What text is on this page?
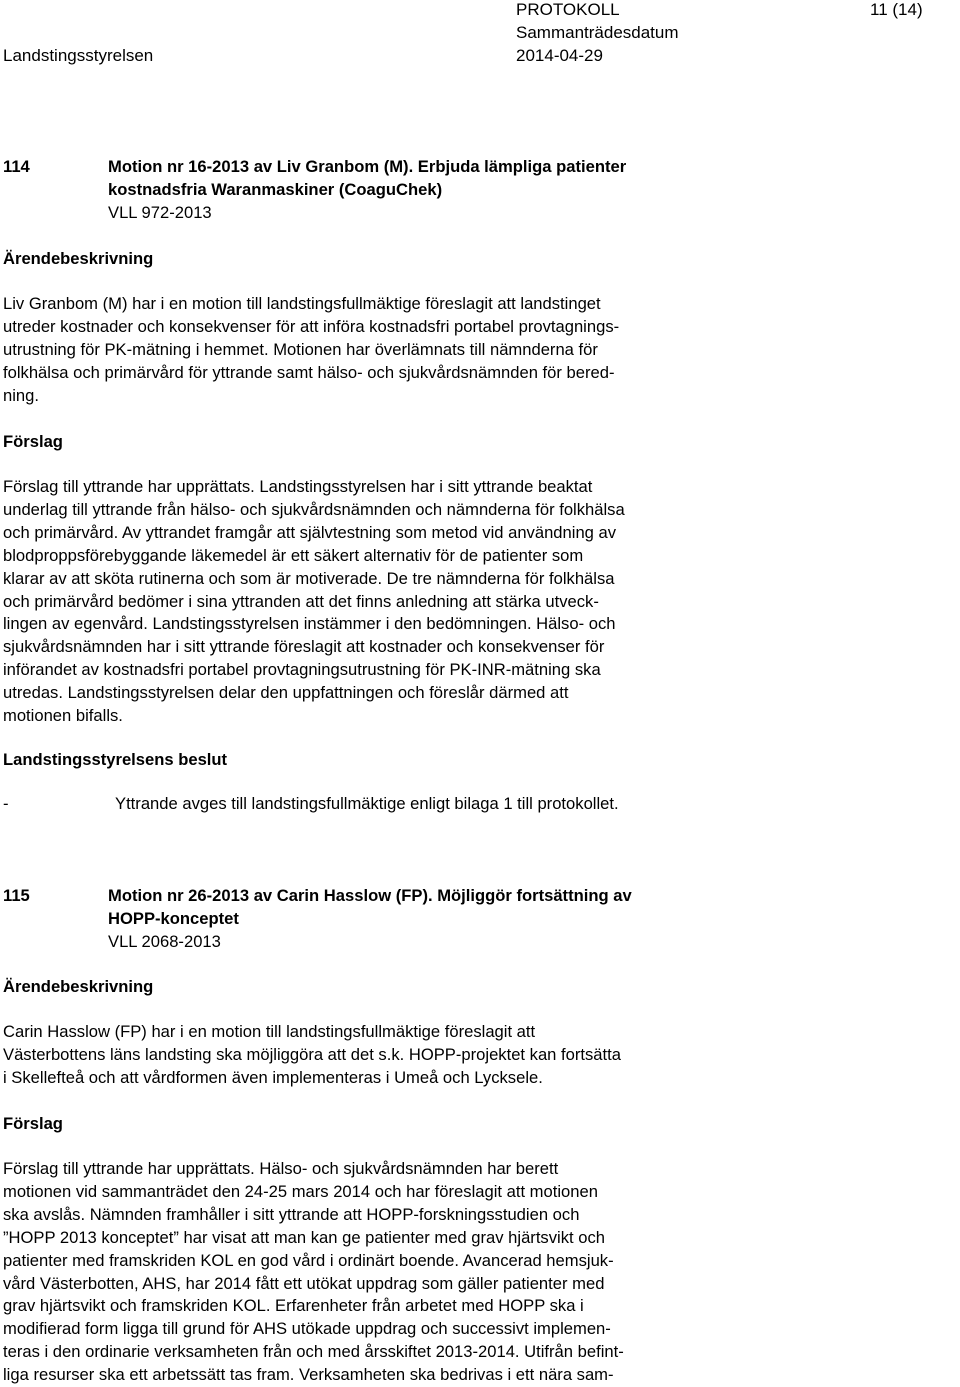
PROTOKOLL	11 (14)
Landstingsstyrelsen
Sammanträdesdatum
2014-04-29
114	Motion nr 16-2013 av Liv Granbom (M). Erbjuda lämpliga patienter
kostnadsfria Waranmaskiner (CoaguChek)
VLL 972-2013
Ärendebeskrivning
Liv Granbom (M) har i en motion till landstingsfullmäktige föreslagit att landstinget
utreder kostnader och konsekvenser för att införa kostnadsfri portabel provtagnings-
utrustning för PK-mätning i hemmet. Motionen har överlämnats till nämnderna för
folkhälsa och primärvård för yttrande samt hälso- och sjukvårdsnämnden för bered-
ning.
Förslag
Förslag till yttrande har upprättats. Landstingsstyrelsen har i sitt yttrande beaktat
underlag till yttrande från hälso- och sjukvårdsnämnden och nämnderna för folkhälsa
och primärvård. Av yttrandet framgår att självtestning som metod vid användning av
blodproppsförebyggande läkemedel är ett säkert alternativ för de patienter som
klarar av att sköta rutinerna och som är motiverade. De tre nämnderna för folkhälsa
och primärvård bedömer i sina yttranden att det finns anledning att stärka utveck-
lingen av egenvård. Landstingsstyrelsen instämmer i den bedömningen. Hälso- och
sjukvårdsnämnden har i sitt yttrande föreslagit att kostnader och konsekvenser för
införandet av kostnadsfri portabel provtagningsutrustning för PK-INR-mätning ska
utredas. Landstingsstyrelsen delar den uppfattningen och föreslår därmed att
motionen bifalls.
Landstingsstyrelsens beslut
-	Yttrande avges till landstingsfullmäktige enligt bilaga 1 till protokollet.
115	Motion nr 26-2013 av Carin Hasslow (FP). Möjliggör fortsättning av
HOPP-konceptet
VLL 2068-2013
Ärendebeskrivning
Carin Hasslow (FP) har i en motion till landstingsfullmäktige föreslagit att
Västerbottens läns landsting ska möjliggöra att det s.k. HOPP-projektet kan fortsätta
i Skellefteå och att vårdformen även implementeras i Umeå och Lycksele.
Förslag
Förslag till yttrande har upprättats. Hälso- och sjukvårdsnämnden har berett
motionen vid sammanträdet den 24-25 mars 2014 och har föreslagit att motionen
ska avslås. Nämnden framhåller i sitt yttrande att HOPP-forskningsstudien och
”HOPP 2013 konceptet” har visat att man kan ge patienter med grav hjärtsvikt och
patienter med framskriden KOL en god vård i ordinärt boende. Avancerad hemsjuk-
vård Västerbotten, AHS, har 2014 fått ett utökat uppdrag som gäller patienter med
grav hjärtsvikt och framskriden KOL. Erfarenheter från arbetet med HOPP ska i
modifierad form ligga till grund för AHS utökade uppdrag och successivt implemen-
teras i den ordinarie verksamheten från och med årsskiftet 2013-2014. Utifrån befint-
liga resurser ska ett arbetssätt tas fram. Verksamheten ska bedrivas i ett nära sam-
